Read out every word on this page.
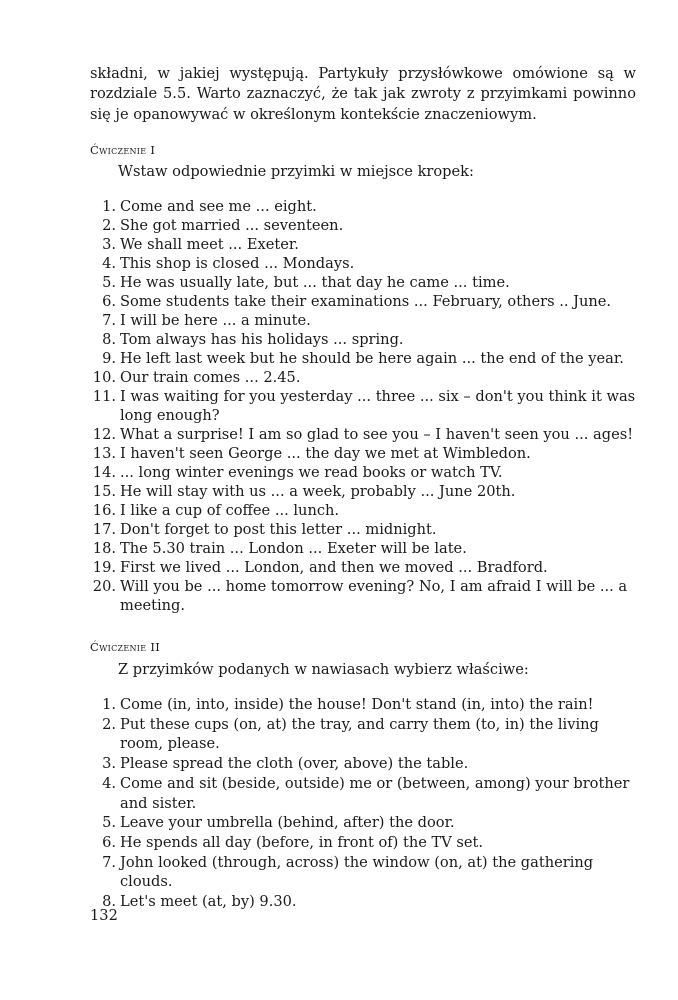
składni, w jakiej występują. Partykuły przysłówkowe omówione są w rozdziale 5.5. Warto zaznaczyć, że tak jak zwroty z przyimkami powinno się je opanowywać w określonym kontekście znaczeniowym.
Ćwiczenie I
Wstaw odpowiednie przyimki w miejsce kropek:
1. Come and see me ... eight.
2. She got married ... seventeen.
3. We shall meet ... Exeter.
4. This shop is closed ... Mondays.
5. He was usually late, but ... that day he came ... time.
6. Some students take their examinations ... February, others .. June.
7. I will be here ... a minute.
8. Tom always has his holidays ... spring.
9. He left last week but he should be here again ... the end of the year.
10. Our train comes ... 2.45.
11. I was waiting for you yesterday ... three ... six – don't you think it was long enough?
12. What a surprise! I am so glad to see you – I haven't seen you ... ages!
13. I haven't seen George ... the day we met at Wimbledon.
14. ... long winter evenings we read books or watch TV.
15. He will stay with us ... a week, probably ... June 20th.
16. I like a cup of coffee ... lunch.
17. Don't forget to post this letter ... midnight.
18. The 5.30 train ... London ... Exeter will be late.
19. First we lived ... London, and then we moved ... Bradford.
20. Will you be ... home tomorrow evening? No, I am afraid I will be ... a meeting.
Ćwiczenie II
Z przyimków podanych w nawiasach wybierz właściwe:
1. Come (in, into, inside) the house! Don't stand (in, into) the rain!
2. Put these cups (on, at) the tray, and carry them (to, in) the living room, please.
3. Please spread the cloth (over, above) the table.
4. Come and sit (beside, outside) me or (between, among) your brother and sister.
5. Leave your umbrella (behind, after) the door.
6. He spends all day (before, in front of) the TV set.
7. John looked (through, across) the window (on, at) the gathering clouds.
8. Let's meet (at, by) 9.30.
132
